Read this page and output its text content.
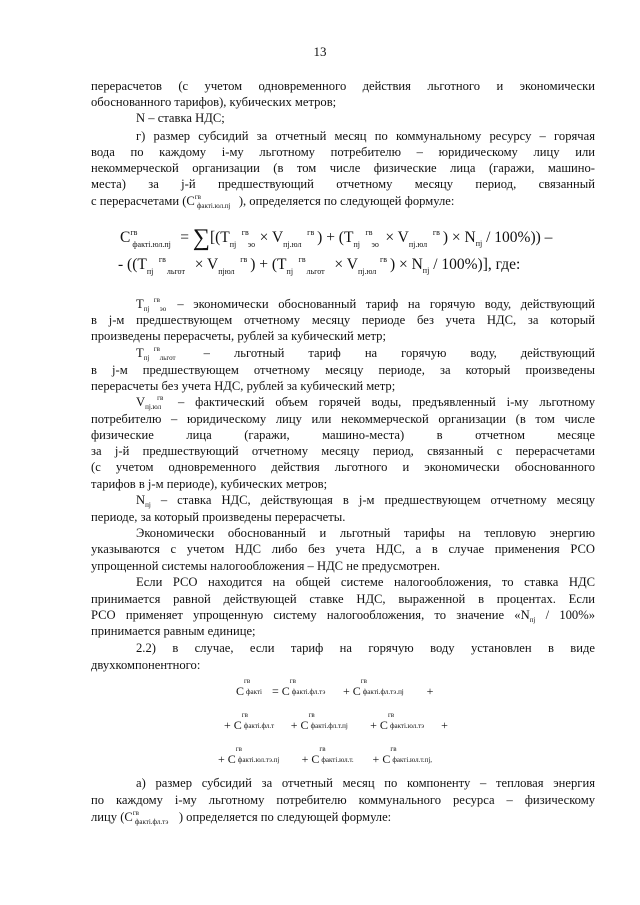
13
перерасчетов (с учетом одновременного действия льготного и экономически
обоснованного тарифов), кубических метров;
N – ставка НДС;
г) размер субсидий за отчетный месяц по коммунальному ресурсу – горячая
вода по каждому i-му льготному потребителю – юридическому лицу или
некоммерческой организации (в том числе физические лица (гаражи, машино-
места) за j-й предшествующий отчетному месяцу период, связанный
с перерасчетами (C гв
факті.юл.пj ), определяется по следующей формуле:
C гв
факті.юл.пj = ∑[(T пj
гв
эо × V пj.юл
гв ) + (T пj
гв
эо × V пj.юл
гв ) × $N_{пj} / 100\%$)) –
- ((T пj
гв
льгот × V пjюл
гв ) + (T пj
гв
льгот × V пj.юл
гв ) × $N_{пj} / 100\%$)], где:
T пj
гв
эо – экономически обоснованный тариф на горячую воду, действующий
в j-м предшествующем отчетному месяцу периоде без учета НДС, за который
произведены перерасчеты, рублей за кубический метр;
T пj
гв
льгот – льготный тариф на горячую воду, действующий
в j-м предшествующем отчетному месяцу периоде, за который произведены
перерасчеты без учета НДС, рублей за кубический метр;
V пj.юл
гв – фактический объем горячей воды, предъявленный i-му льготному
потребителю – юридическому лицу или некоммерческой организации (в том числе
физические лица (гаражи, машино-места) в отчетном месяце
за j-й предшествующий отчетному месяцу период, связанный с перерасчетами
(с учетом одновременного действия льготного и экономически обоснованного
тарифов в j-м периоде), кубических метров;
$N_{пj}$ – ставка НДС, действующая в j-м предшествующем отчетному месяцу
периоде, за который произведены перерасчеты.
Экономически обоснованный и льготный тарифы на тепловую энергию
указываются с учетом НДС либо без учета НДС, а в случае применения РСО
упрощенной системы налогообложения – НДС не предусмотрен.
Если РСО находится на общей системе налогообложения, то ставка НДС
принимается равной действующей ставке НДС, выраженной в процентах. Если
РСО применяет упрощенную систему налогообложения, то значение «$N_{пj} / 100\%$»
принимается равным единице;
2.2) в случае, если тариф на горячую воду установлен в виде
двухкомпонентного:
C
гв
факті = C
гв
факті.фл.тэ + C
гв
факті.фл.тэ.пj +
+ C
гв
факті.фл.т + C
гв
факті.фл.т.пj + C
гв
факті.юл.тэ +
+ C
гв
факті.юл.тэ.пj + C
гв
факті.юл.т. + C
гв
факті.юл.т.пj,
а) размер субсидий за отчетный месяц по компоненту – тепловая энергия
по каждому i-му льготному потребителю коммунального ресурса – физическому
лицу (C гв
факті.фл.тэ ) определяется по следующей формуле:
